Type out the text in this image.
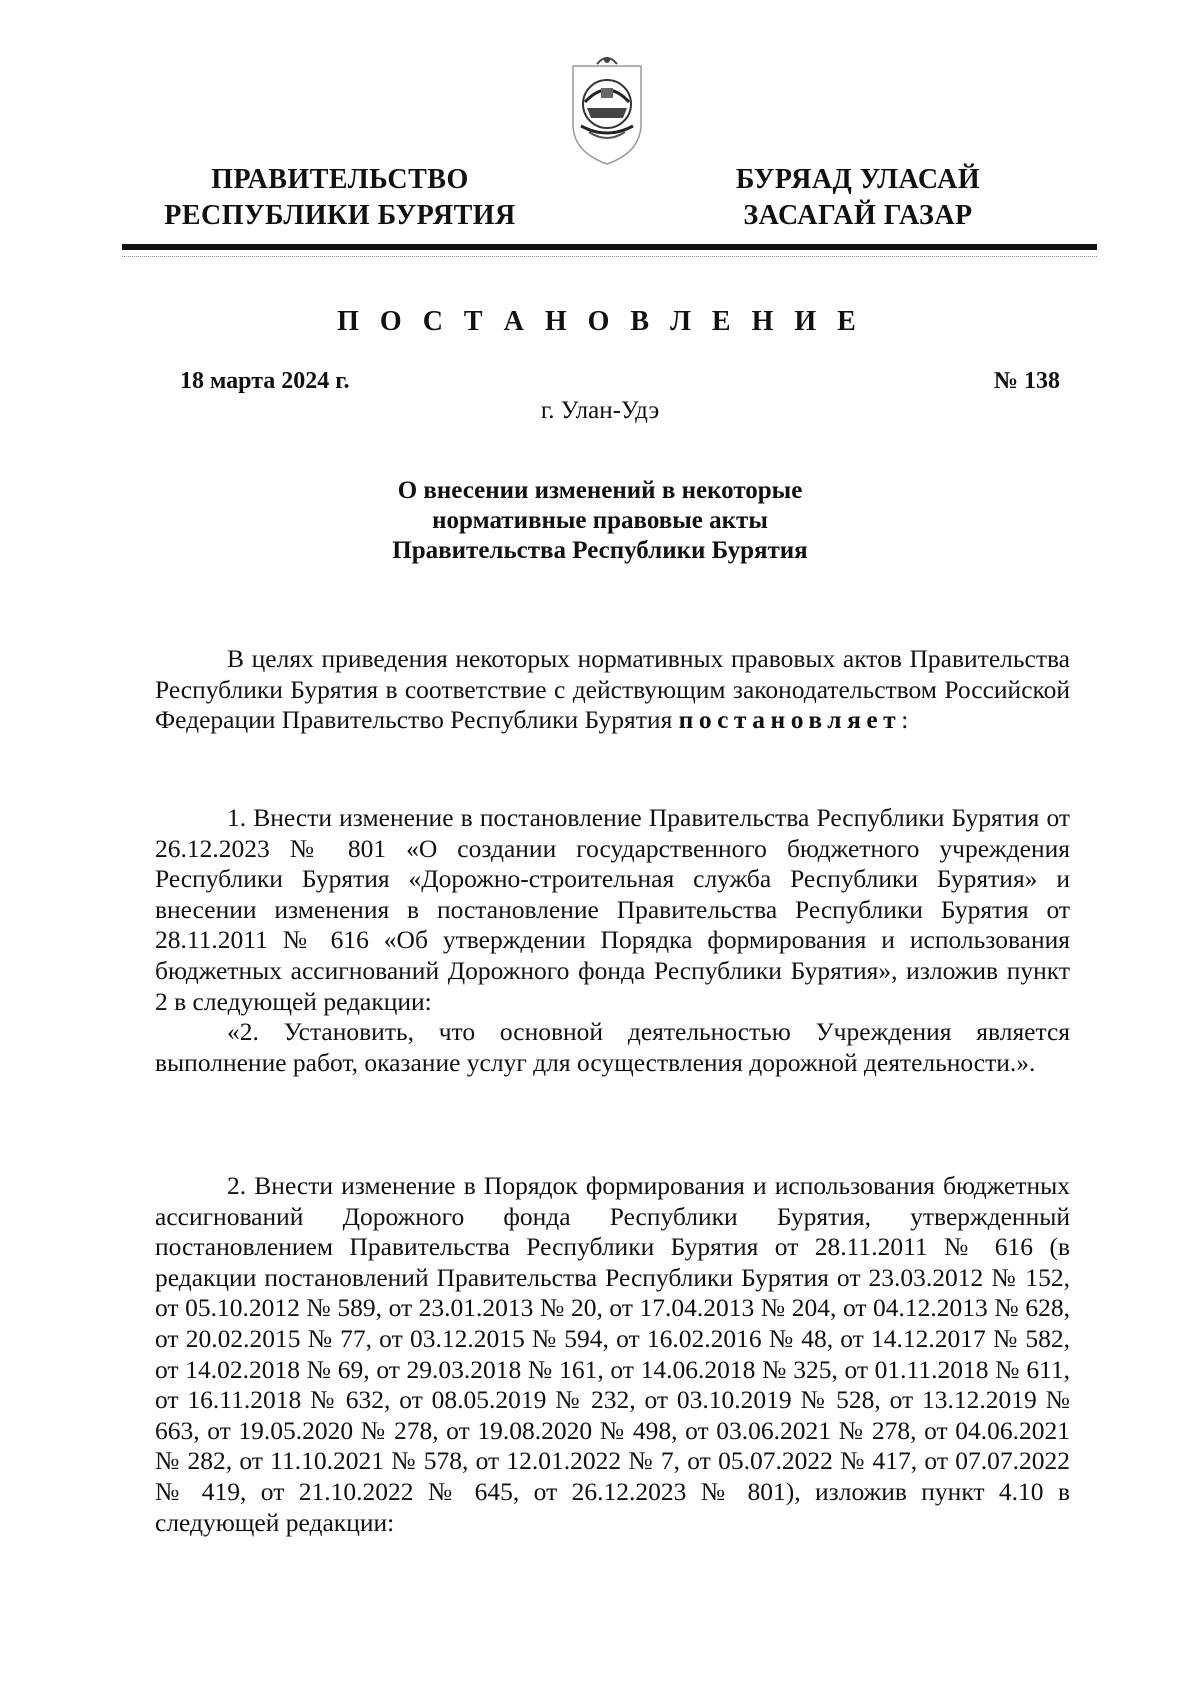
ПРАВИТЕЛЬСТВО
РЕСПУБЛИКИ БУРЯТИЯ
БУРЯАД УЛАСАЙ
ЗАСАГАЙ ГАЗАР
П О С Т А Н О В Л Е Н И Е
18 марта 2024 г.	№ 138
г. Улан-Удэ
О внесении изменений в некоторые
нормативные правовые акты
Правительства Республики Бурятия

В целях приведения некоторых нормативных правовых актов Правительства Республики Бурятия в соответствие с действующим законодательством Российской Федерации Правительство Республики Бурятия постановляет:

1. Внести изменение в постановление Правительства Республики Бурятия от 26.12.2023 № 801 «О создании государственного бюджетного учреждения Республики Бурятия «Дорожно-строительная служба Республики Бурятия» и внесении изменения в постановление Правительства Республики Бурятия от 28.11.2011 № 616 «Об утверждении Порядка формирования и использования бюджетных ассигнований Дорожного фонда Республики Бурятия», изложив пункт 2 в следующей редакции:

«2. Установить, что основной деятельностью Учреждения является выполнение работ, оказание услуг для осуществления дорожной деятельности.».

2. Внести изменение в Порядок формирования и использования бюджетных ассигнований Дорожного фонда Республики Бурятия, утвержденный постановлением Правительства Республики Бурятия от 28.11.2011 № 616 (в редакции постановлений Правительства Республики Бурятия от 23.03.2012 № 152, от 05.10.2012 № 589, от 23.01.2013 № 20, от 17.04.2013 № 204, от 04.12.2013 № 628, от 20.02.2015 № 77, от 03.12.2015 № 594, от 16.02.2016 № 48, от 14.12.2017 № 582, от 14.02.2018 № 69, от 29.03.2018 № 161, от 14.06.2018 № 325, от 01.11.2018 № 611, от 16.11.2018 № 632, от 08.05.2019 № 232, от 03.10.2019 № 528, от 13.12.2019 № 663, от 19.05.2020 № 278, от 19.08.2020 № 498, от 03.06.2021 № 278, от 04.06.2021 № 282, от 11.10.2021 № 578, от 12.01.2022 № 7, от 05.07.2022 № 417, от 07.07.2022 № 419, от 21.10.2022 № 645, от 26.12.2023 № 801), изложив пункт 4.10 в следующей редакции:
